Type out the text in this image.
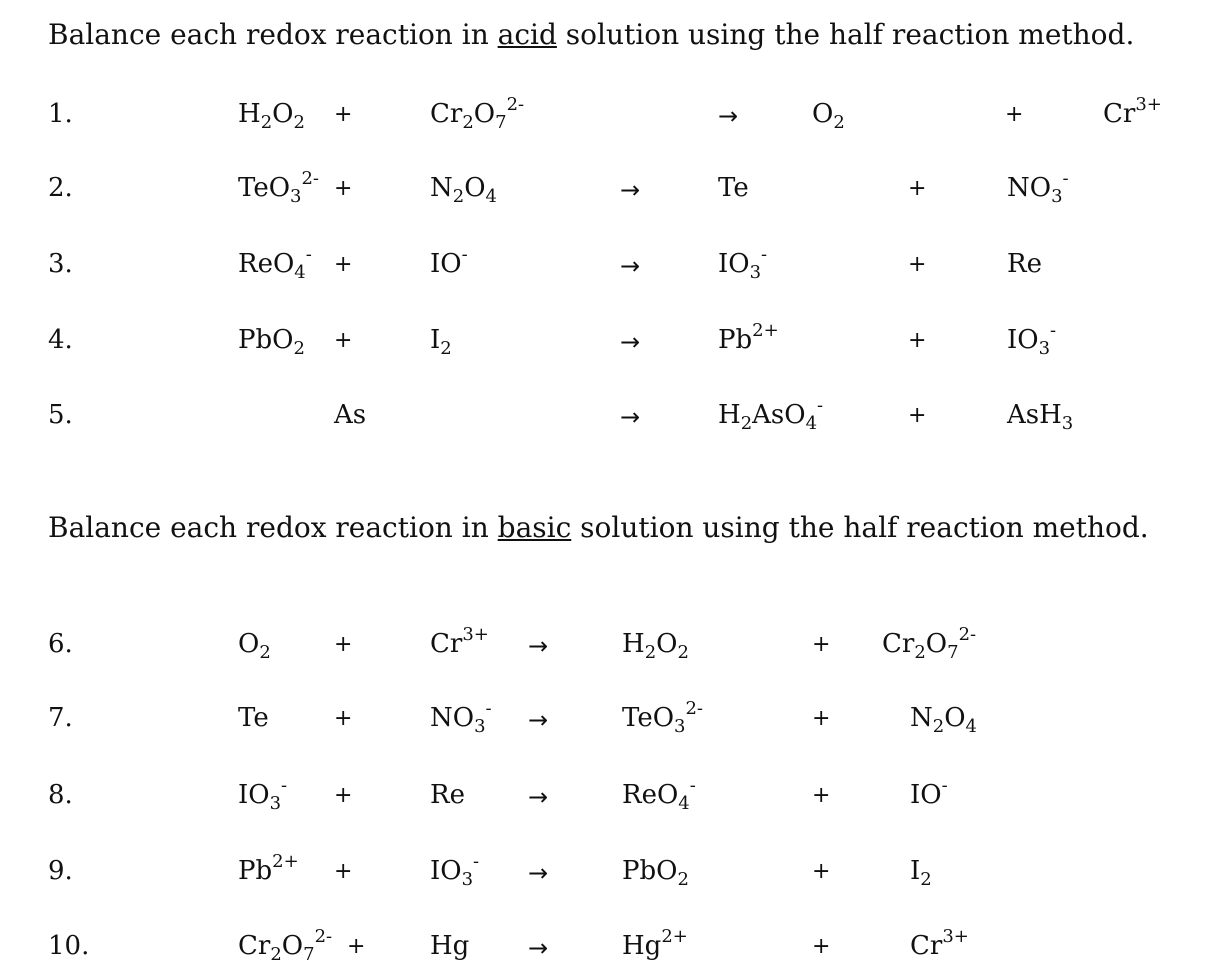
Balance each redox reaction in acid solution using the half reaction method.
1.	$H_2O_2$ +	$Cr_2O_7^{2-}$	→	$O_2$	+	$Cr^{3+}$
2.	TeO$_3^{2-}$ +	$N_2O_4$	→	Te	+	$NO_3^-$
3.	ReO$_4$- +	IO-	→	$IO_3^-$	+	Re
4.	PbO$_2$ +	$I_2$	→	$Pb^{2+}$	+	$IO_3^-$
5.	As	→	$H_2AsO_4^-$	+	AsH$_3$
Balance each redox reaction in basic solution using the half reaction method.
6.	$O_2$	+	$Cr^{3+}$ →	$H_2O_2$	+ $Cr_2O_7^{2-}$
7.	Te	+	$NO_3^-$ →	TeO$_3^{2-}$	+	$N_2O_4$
8.	$IO_3^-$ +	Re	→	ReO$_4$-	+	IO-
9.	$Pb^{2+}$ +	$IO_3^-$ →	PbO$_2$	+	$I_2$
10.	$Cr_2O_7^{2-} + Hg$ →	$Hg^{2+}$	+	$Cr^{3+}$
